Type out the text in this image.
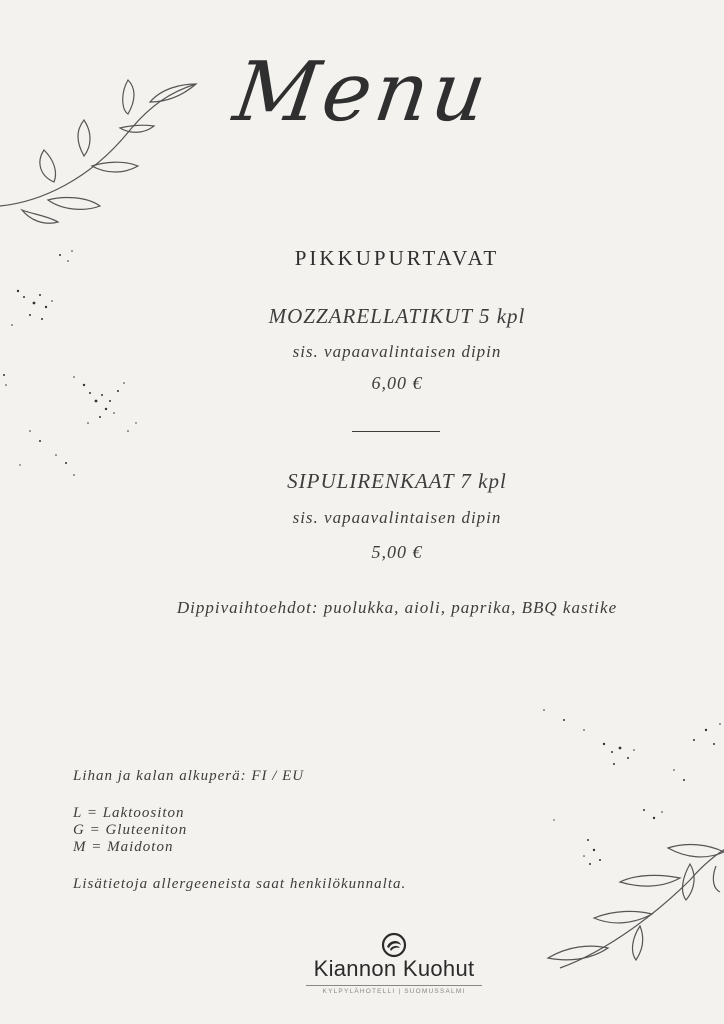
Menu
PIKKUPURTAVAT
MOZZARELLATIKUT 5 kpl
sis. vapaavalintaisen dipin
6,00 €
SIPULIRENKAAT 7 kpl
sis. vapaavalintaisen dipin
5,00 €
Dippivaihtoehdot: puolukka, aioli, paprika, BBQ kastike
Lihan ja kalan alkuperä: FI / EU
L = Laktoositon
G = Gluteeniton
M = Maidoton
Lisätietoja allergeeneista saat henkilökunnalta.
Kiannon Kuohut
KYLPYLÄHOTELLI | SUOMUSSALMI
